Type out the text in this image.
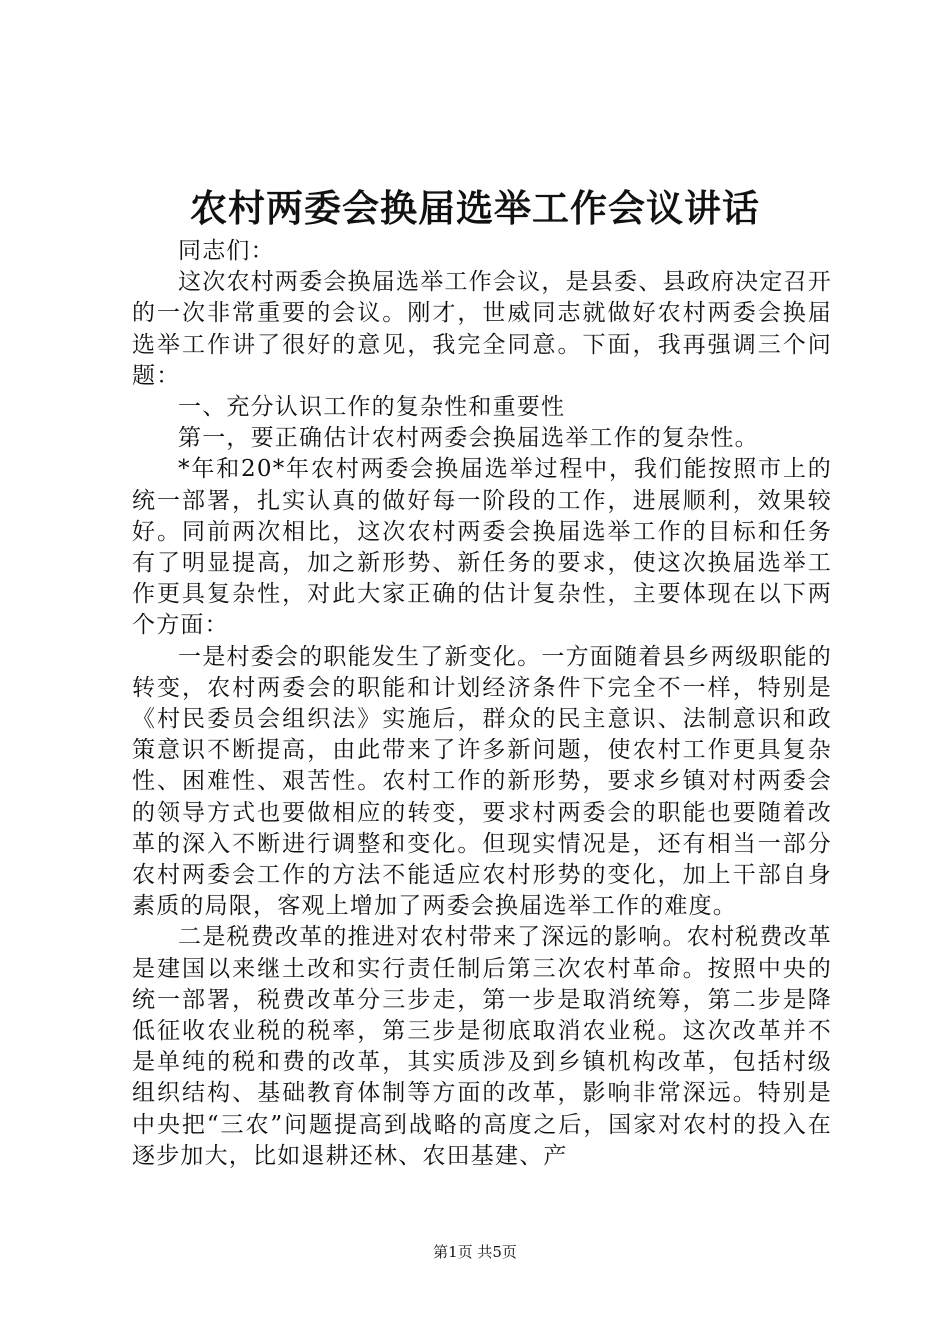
农村两委会换届选举工作会议讲话

同志们：

这次农村两委会换届选举工作会议，是县委、县政府决定召开的一次非常重要的会议。刚才，世威同志就做好农村两委会换届选举工作讲了很好的意见，我完全同意。下面，我再强调三个问题：

一、充分认识工作的复杂性和重要性

第一，要正确估计农村两委会换届选举工作的复杂性。

*年和20*年农村两委会换届选举过程中，我们能按照市上的统一部署，扎实认真的做好每一阶段的工作，进展顺利，效果较好。同前两次相比，这次农村两委会换届选举工作的目标和任务有了明显提高，加之新形势、新任务的要求，使这次换届选举工作更具复杂性，对此大家正确的估计复杂性，主要体现在以下两个方面：

一是村委会的职能发生了新变化。一方面随着县乡两级职能的转变，农村两委会的职能和计划经济条件下完全不一样，特别是《村民委员会组织法》实施后，群众的民主意识、法制意识和政策意识不断提高，由此带来了许多新问题，使农村工作更具复杂性、困难性、艰苦性。农村工作的新形势，要求乡镇对村两委会的领导方式也要做相应的转变，要求村两委会的职能也要随着改革的深入不断进行调整和变化。但现实情况是，还有相当一部分农村两委会工作的方法不能适应农村形势的变化，加上干部自身素质的局限，客观上增加了两委会换届选举工作的难度。

二是税费改革的推进对农村带来了深远的影响。农村税费改革是建国以来继土改和实行责任制后第三次农村革命。按照中央的统一部署，税费改革分三步走，第一步是取消统筹，第二步是降低征收农业税的税率，第三步是彻底取消农业税。这次改革并不是单纯的税和费的改革，其实质涉及到乡镇机构改革，包括村级组织结构、基础教育体制等方面的改革，影响非常深远。特别是中央把“三农”问题提高到战略的高度之后，国家对农村的投入在逐步加大，比如退耕还林、农田基建、产

第1页 共5页
